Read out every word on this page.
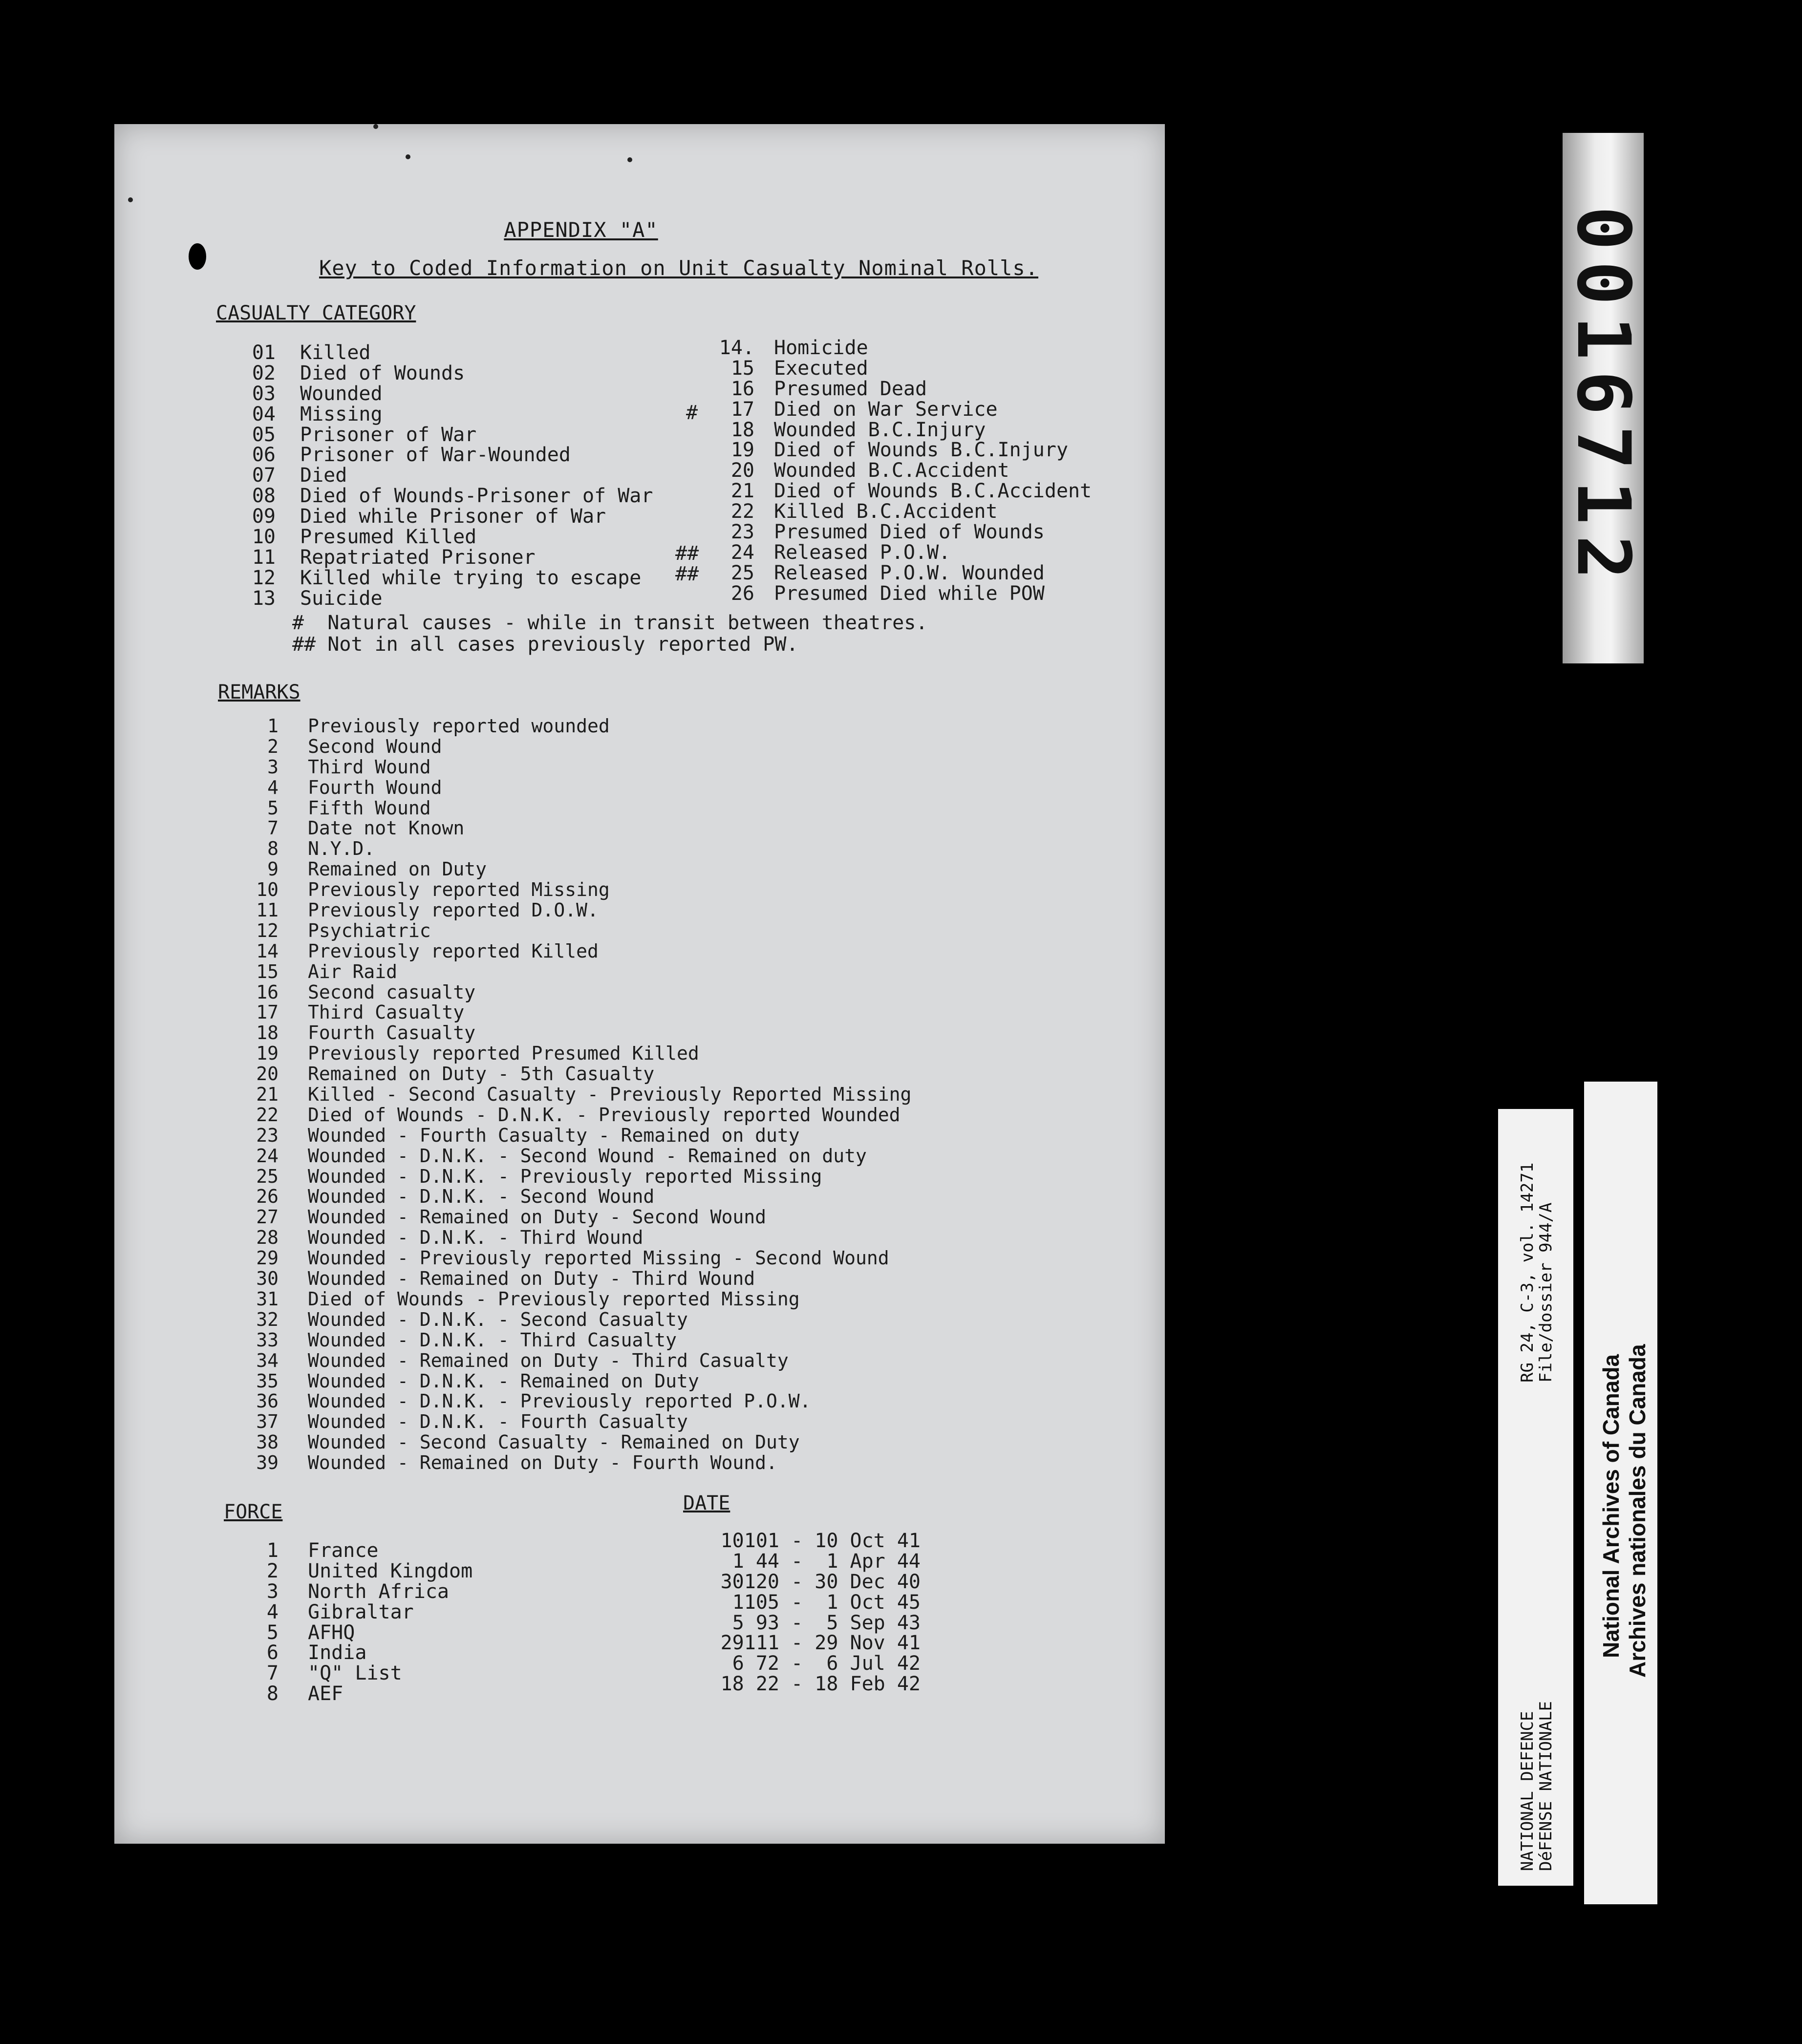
APPENDIX "A"
Key to Coded Information on Unit Casualty Nominal Rolls.
CASUALTY CATEGORY
01 Killed
02 Died of Wounds
03 Wounded
04 Missing
05 Prisoner of War
06 Prisoner of War-Wounded
07 Died
08 Died of Wounds-Prisoner of War
09 Died while Prisoner of War
10 Presumed Killed
11 Repatriated Prisoner
12 Killed while trying to escape
13 Suicide
14. Homicide
15 Executed
16 Presumed Dead
17 Died on War Service
18 Wounded B.C.Injury
19 Died of Wounds B.C.Injury
20 Wounded B.C.Accident
21 Died of Wounds B.C.Accident
22 Killed B.C.Accident
23 Presumed Died of Wounds
24 Released P.O.W.
25 Released P.O.W. Wounded
26 Presumed Died while POW
#
##
##
#  Natural causes - while in transit between theatres.
## Not in all cases previously reported PW.
REMARKS
1 Previously reported wounded
2 Second Wound
3 Third Wound
4 Fourth Wound
5 Fifth Wound
7 Date not Known
8 N.Y.D.
9 Remained on Duty
10 Previously reported Missing
11 Previously reported D.O.W.
12 Psychiatric
14 Previously reported Killed
15 Air Raid
16 Second casualty
17 Third Casualty
18 Fourth Casualty
19 Previously reported Presumed Killed
20 Remained on Duty - 5th Casualty
21 Killed - Second Casualty - Previously Reported Missing
22 Died of Wounds - D.N.K. - Previously reported Wounded
23 Wounded - Fourth Casualty - Remained on duty
24 Wounded - D.N.K. - Second Wound - Remained on duty
25 Wounded - D.N.K. - Previously reported Missing
26 Wounded - D.N.K. - Second Wound
27 Wounded - Remained on Duty - Second Wound
28 Wounded - D.N.K. - Third Wound
29 Wounded - Previously reported Missing - Second Wound
30 Wounded - Remained on Duty - Third Wound
31 Died of Wounds - Previously reported Missing
32 Wounded - D.N.K. - Second Casualty
33 Wounded - D.N.K. - Third Casualty
34 Wounded - Remained on Duty - Third Casualty
35 Wounded - D.N.K. - Remained on Duty
36 Wounded - D.N.K. - Previously reported P.O.W.
37 Wounded - D.N.K. - Fourth Casualty
38 Wounded - Second Casualty - Remained on Duty
39 Wounded - Remained on Duty - Fourth Wound.
FORCE	DATE
1 France
2 United Kingdom
3 North Africa
4 Gibraltar
5 AFHQ
6 India
7 "Q" List
8 AEF
10101 - 10 Oct 41
1 44 -  1 Apr 44
30120 - 30 Dec 40
1105 -  1 Oct 45
5 93 -  5 Sep 43
29111 - 29 Nov 41
6 72 -  6 Jul 42
18 22 - 18 Feb 42
0016712
NATIONAL DEFENCE
DéFENSE NATIONALE
RG 24, C-3, vol. 14271
File/dossier 944/A
National Archives of Canada Archives nationales du Canada
